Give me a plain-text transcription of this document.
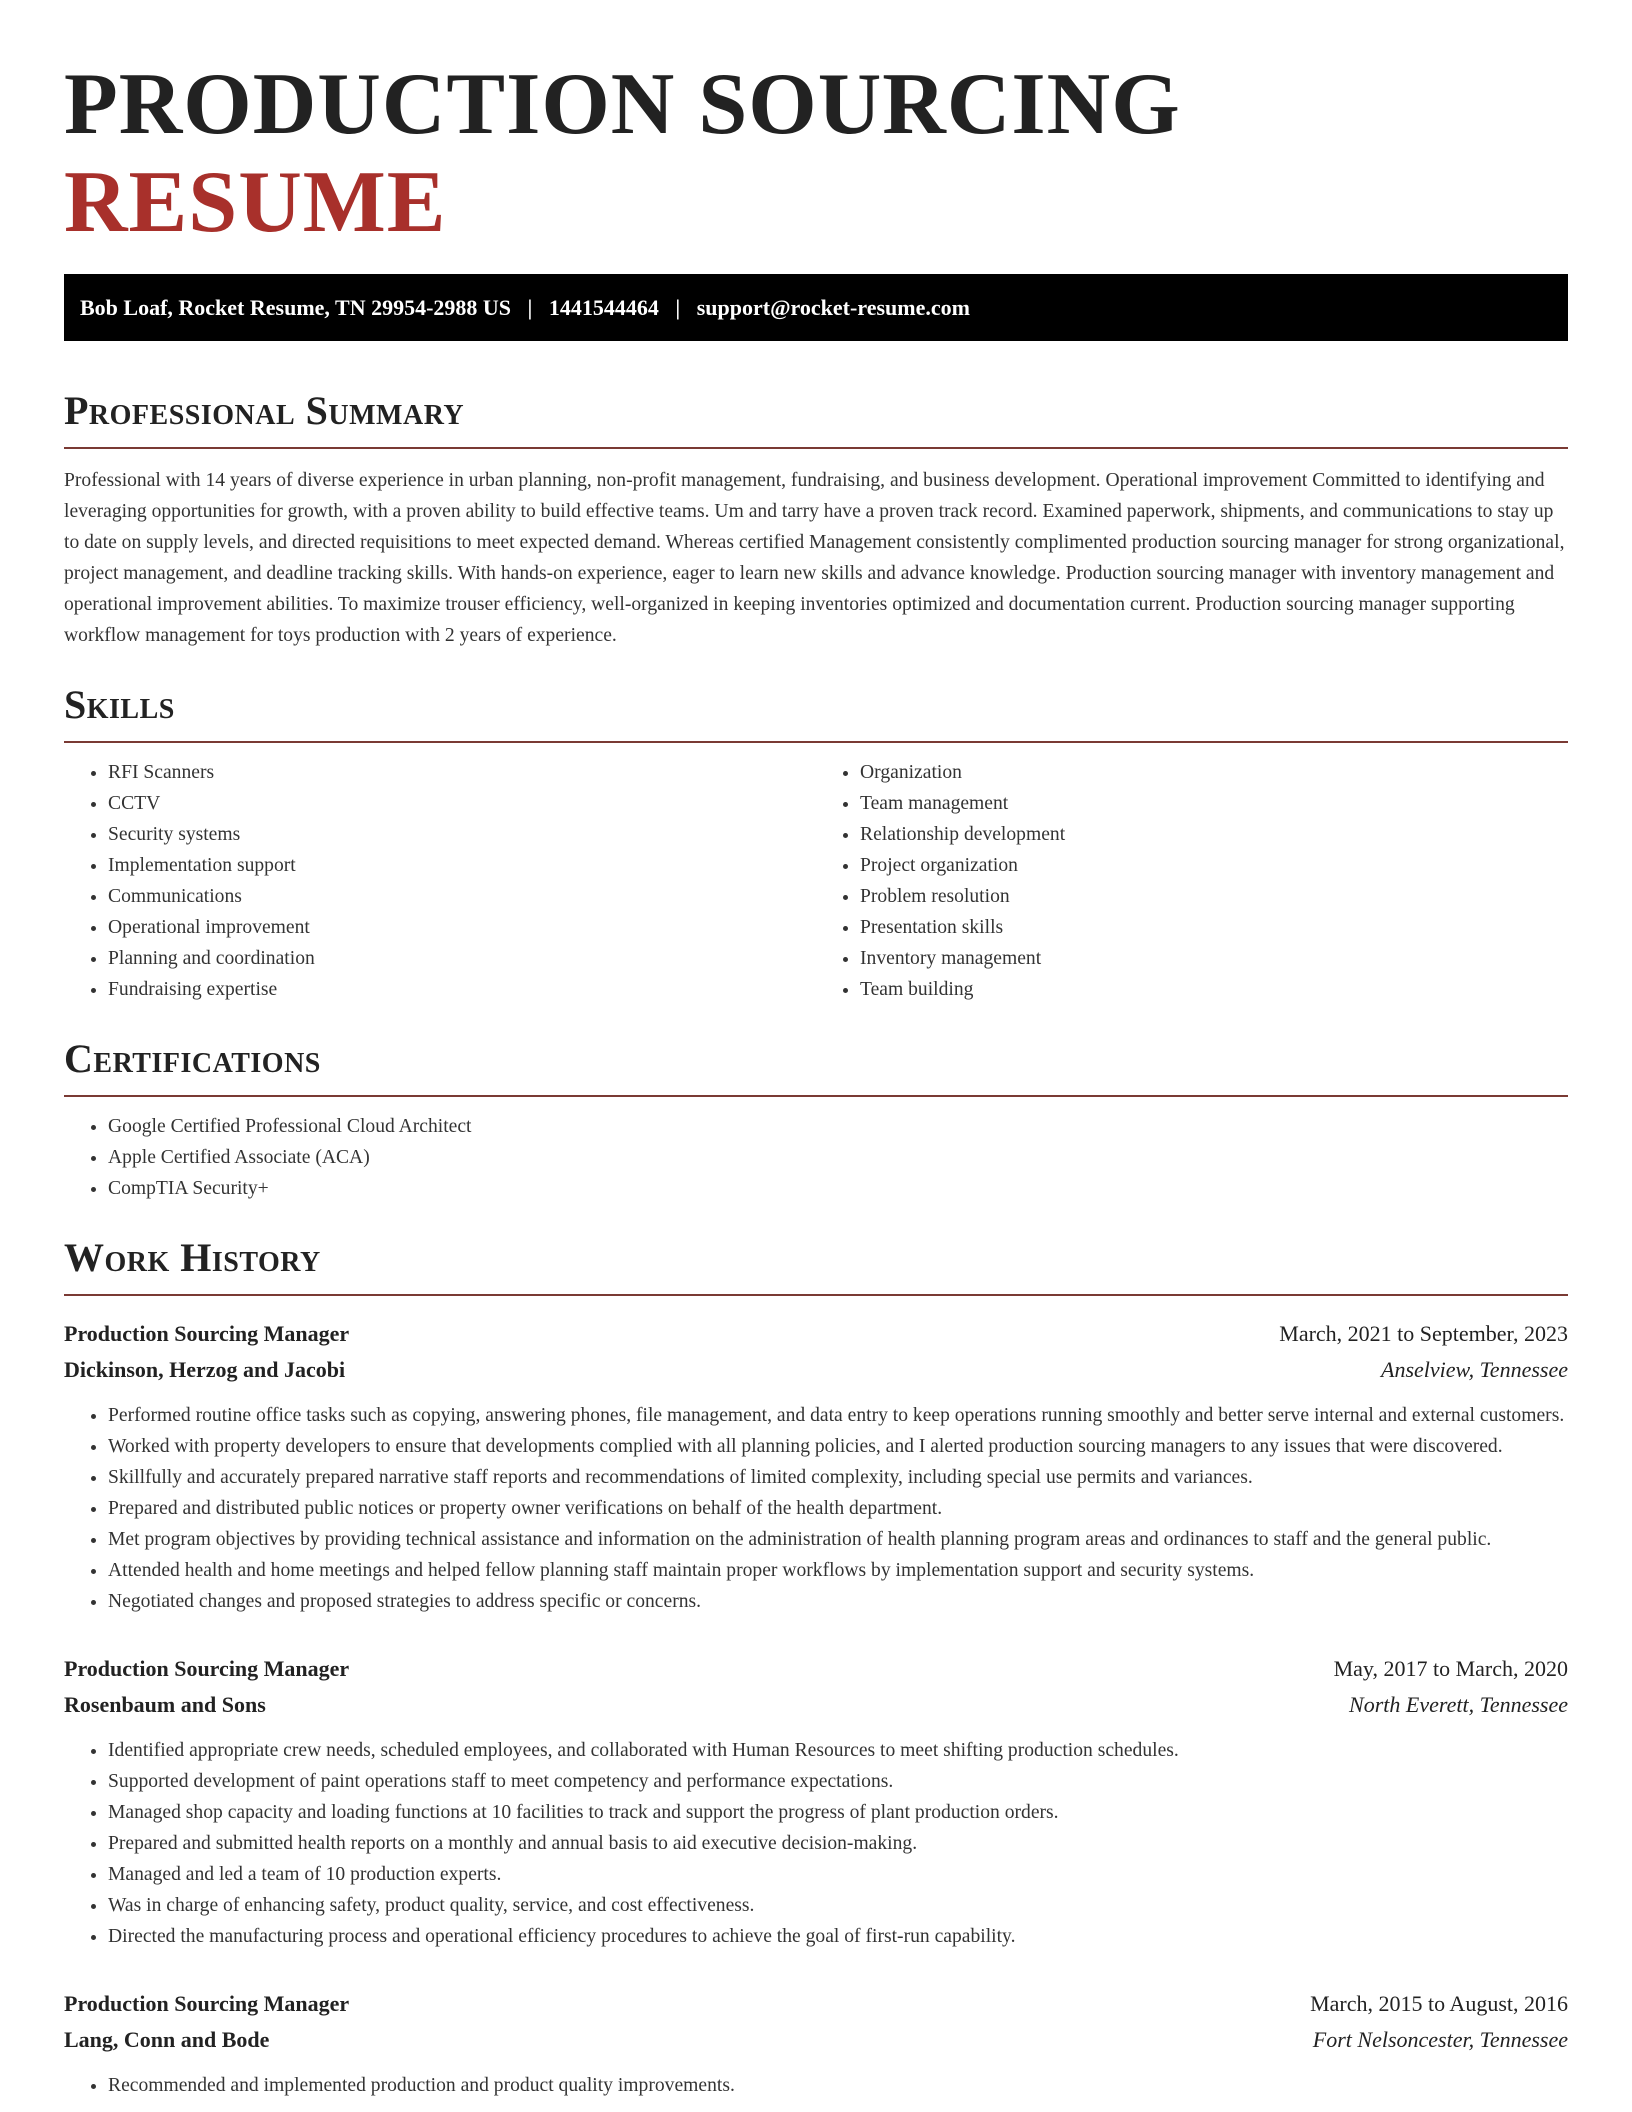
PRODUCTION SOURCING RESUME
Bob Loaf, Rocket Resume, TN 29954-2988 US   |   1441544464   |   support@rocket-resume.com
Professional Summary

Professional with 14 years of diverse experience in urban planning, non-profit management, fundraising, and business development. Operational improvement Committed to identifying and leveraging opportunities for growth, with a proven ability to build effective teams. Um and tarry have a proven track record. Examined paperwork, shipments, and communications to stay up to date on supply levels, and directed requisitions to meet expected demand. Whereas certified Management consistently complimented production sourcing manager for strong organizational, project management, and deadline tracking skills. With hands-on experience, eager to learn new skills and advance knowledge. Production sourcing manager with inventory management and operational improvement abilities. To maximize trouser efficiency, well-organized in keeping inventories optimized and documentation current. Production sourcing manager supporting workflow management for toys production with 2 years of experience.

Skills
• RFI Scanners
• CCTV
• Security systems
• Implementation support
• Communications
• Operational improvement
• Planning and coordination
• Fundraising expertise
• Organization
• Team management
• Relationship development
• Project organization
• Problem resolution
• Presentation skills
• Inventory management
• Team building
Certifications
• Google Certified Professional Cloud Architect
• Apple Certified Associate (ACA)
• CompTIA Security+
Work History
Production Sourcing Manager	March, 2021 to September, 2023
Dickinson, Herzog and Jacobi	Anselview, Tennessee
• Performed routine office tasks such as copying, answering phones, file management, and data entry to keep operations running smoothly and better serve internal and external customers.
• Worked with property developers to ensure that developments complied with all planning policies, and I alerted production sourcing managers to any issues that were discovered.
• Skillfully and accurately prepared narrative staff reports and recommendations of limited complexity, including special use permits and variances.
• Prepared and distributed public notices or property owner verifications on behalf of the health department.
• Met program objectives by providing technical assistance and information on the administration of health planning program areas and ordinances to staff and the general public.
• Attended health and home meetings and helped fellow planning staff maintain proper workflows by implementation support and security systems.
• Negotiated changes and proposed strategies to address specific or concerns.
Production Sourcing Manager	May, 2017 to March, 2020
Rosenbaum and Sons	North Everett, Tennessee
• Identified appropriate crew needs, scheduled employees, and collaborated with Human Resources to meet shifting production schedules.
• Supported development of paint operations staff to meet competency and performance expectations.
• Managed shop capacity and loading functions at 10 facilities to track and support the progress of plant production orders.
• Prepared and submitted health reports on a monthly and annual basis to aid executive decision-making.
• Managed and led a team of 10 production experts.
• Was in charge of enhancing safety, product quality, service, and cost effectiveness.
• Directed the manufacturing process and operational efficiency procedures to achieve the goal of first-run capability.
Production Sourcing Manager	March, 2015 to August, 2016
Lang, Conn and Bode	Fort Nelsoncester, Tennessee
• Recommended and implemented production and product quality improvements.
